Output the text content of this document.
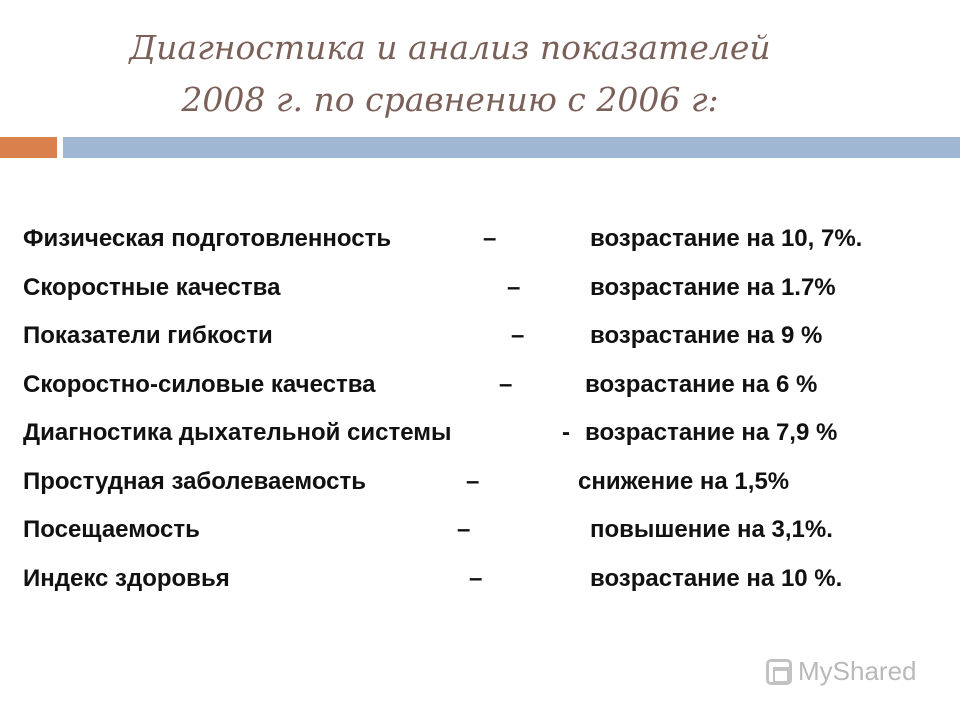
Диагностика и анализ показателей
2008 г. по сравнению с 2006 г:
Физическая подготовленность	–	возрастание на 10, 7%.
Скоростные качества	–	возрастание на 1.7%
Показатели гибкости	–	возрастание на 9 %
Скоростно-силовые качества	–	возрастание на 6 %
Диагностика дыхательной системы	- возрастание на 7,9 %
Простудная заболеваемость	–	снижение на 1,5%
Посещаемость	–	повышение на 3,1%.
Индекс здоровья	–	возрастание на 10 %.
MyShared
